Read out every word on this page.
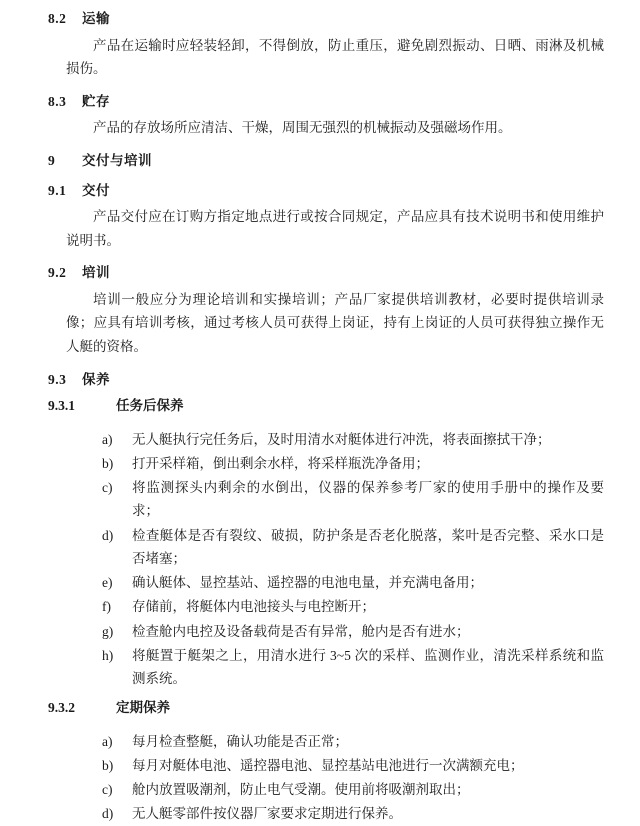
8.2 运输

产品在运输时应轻装轻卸，不得倒放，防止重压，避免剧烈振动、日晒、雨淋及机械损伤。

8.3 贮存

产品的存放场所应清洁、干燥，周围无强烈的机械振动及强磁场作用。

9 交付与培训
9.1 交付

产品交付应在订购方指定地点进行或按合同规定，产品应具有技术说明书和使用维护说明书。

9.2 培训

培训一般应分为理论培训和实操培训；产品厂家提供培训教材，必要时提供培训录像；应具有培训考核，通过考核人员可获得上岗证，持有上岗证的人员可获得独立操作无人艇的资格。

9.3 保养
9.3.1	任务后保养
a)	无人艇执行完任务后，及时用清水对艇体进行冲洗，将表面擦拭干净；
b)	打开采样箱，倒出剩余水样，将采样瓶洗净备用；
c)	将监测探头内剩余的水倒出，仪器的保养参考厂家的使用手册中的操作及要求；
d)	检查艇体是否有裂纹、破损，防护条是否老化脱落，桨叶是否完整、采水口是否堵塞；
e)	确认艇体、显控基站、遥控器的电池电量，并充满电备用；
f)	存储前，将艇体内电池接头与电控断开；
g)	检查舱内电控及设备载荷是否有异常，舱内是否有进水；
h)	将艇置于艇架之上，用清水进行 3~5 次的采样、监测作业，清洗采样系统和监测系统。
9.3.2	定期保养
a)	每月检查整艇，确认功能是否正常；
b)	每月对艇体电池、遥控器电池、显控基站电池进行一次满额充电；
c)	舱内放置吸潮剂，防止电气受潮。使用前将吸潮剂取出；
d)	无人艇零部件按仪器厂家要求定期进行保养。
